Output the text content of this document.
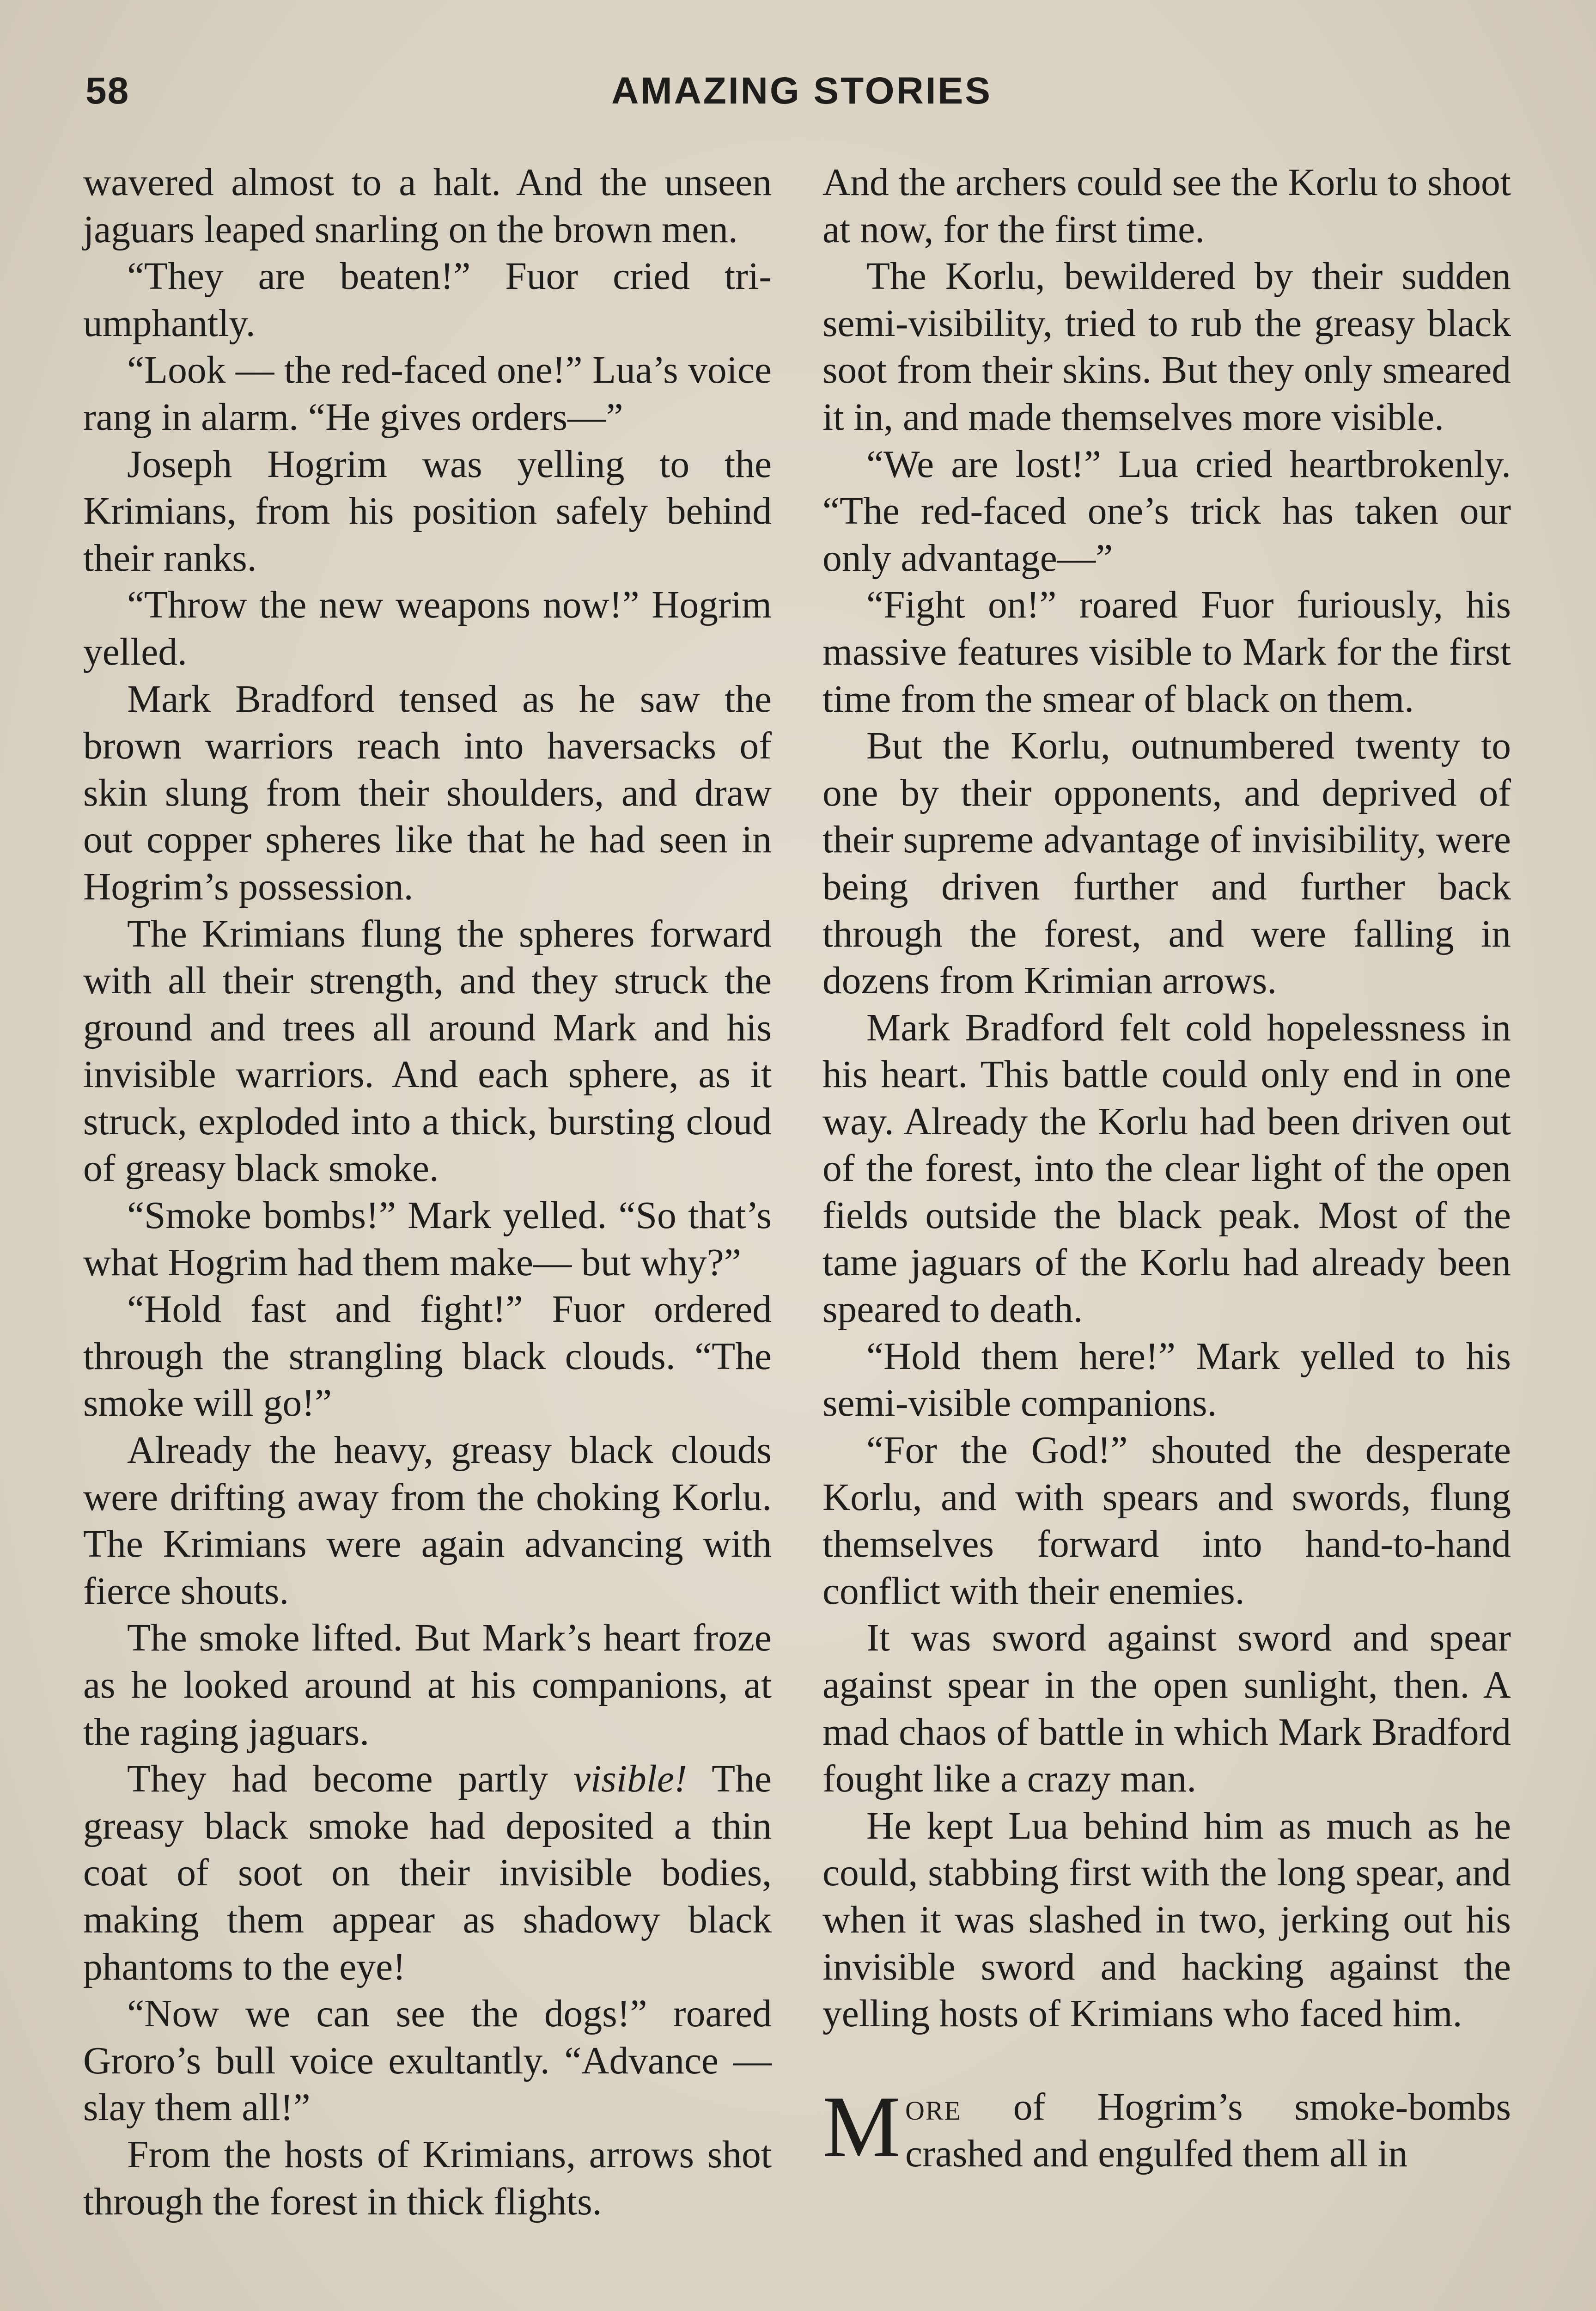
58	AMAZING STORIES

wavered almost to a halt. And the unseen jaguars leaped snarling on the brown men.

“They are beaten!” Fuor cried triumphantly.

“Look — the red-faced one!” Lua’s voice rang in alarm. “He gives orders—”

Joseph Hogrim was yelling to the Krimians, from his position safely behind their ranks.

“Throw the new weapons now!” Hogrim yelled.

Mark Bradford tensed as he saw the brown warriors reach into haversacks of skin slung from their shoulders, and draw out copper spheres like that he had seen in Hogrim’s possession.

The Krimians flung the spheres forward with all their strength, and they struck the ground and trees all around Mark and his invisible warriors. And each sphere, as it struck, exploded into a thick, bursting cloud of greasy black smoke.

“Smoke bombs!” Mark yelled. “So that’s what Hogrim had them make— but why?”

“Hold fast and fight!” Fuor ordered through the strangling black clouds. “The smoke will go!”

Already the heavy, greasy black clouds were drifting away from the choking Korlu. The Krimians were again advancing with fierce shouts.

The smoke lifted. But Mark’s heart froze as he looked around at his companions, at the raging jaguars.

They had become partly visible! The greasy black smoke had deposited a thin coat of soot on their invisible bodies, making them appear as shadowy black phantoms to the eye!

“Now we can see the dogs!” roared Groro’s bull voice exultantly. “Advance —slay them all!”

From the hosts of Krimians, arrows shot through the forest in thick flights.

And the archers could see the Korlu to shoot at now, for the first time.

The Korlu, bewildered by their sudden semi-visibility, tried to rub the greasy black soot from their skins. But they only smeared it in, and made themselves more visible.

“We are lost!” Lua cried heartbrokenly. “The red-faced one’s trick has taken our only advantage—”

“Fight on!” roared Fuor furiously, his massive features visible to Mark for the first time from the smear of black on them.

But the Korlu, outnumbered twenty to one by their opponents, and deprived of their supreme advantage of invisibility, were being driven further and further back through the forest, and were falling in dozens from Krimian arrows.

Mark Bradford felt cold hopelessness in his heart. This battle could only end in one way. Already the Korlu had been driven out of the forest, into the clear light of the open fields outside the black peak. Most of the tame jaguars of the Korlu had already been speared to death.

“Hold them here!” Mark yelled to his semi-visible companions.

“For the God!” shouted the desperate Korlu, and with spears and swords, flung themselves forward into hand-to-hand conflict with their enemies.

It was sword against sword and spear against spear in the open sunlight, then. A mad chaos of battle in which Mark Bradford fought like a crazy man.

He kept Lua behind him as much as he could, stabbing first with the long spear, and when it was slashed in two, jerking out his invisible sword and hacking against the yelling hosts of Krimians who faced him.

More of Hogrim’s smoke-bombs crashed and engulfed them all in
